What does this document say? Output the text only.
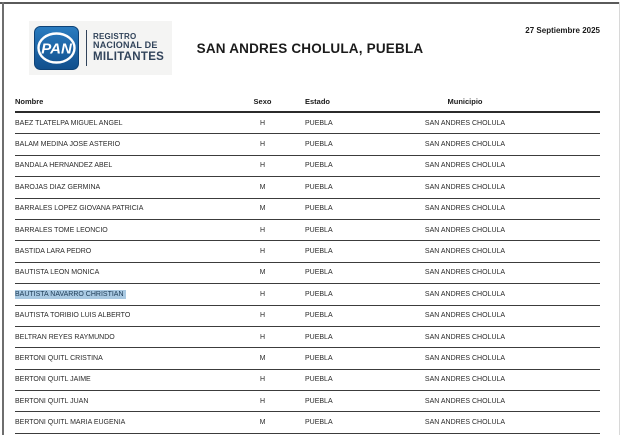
PAN
REGISTRO
NACIONAL DE
MILITANTES
SAN ANDRES CHOLULA, PUEBLA
27 Septiembre 2025
Nombre	Sexo	Estado	Municipio
BAEZ TLATELPA MIGUEL ANGEL	H	PUEBLA	SAN ANDRES CHOLULA
BALAM MEDINA JOSE ASTERIO	H	PUEBLA	SAN ANDRES CHOLULA
BANDALA HERNANDEZ ABEL	H	PUEBLA	SAN ANDRES CHOLULA
BAROJAS DIAZ GERMINA	M	PUEBLA	SAN ANDRES CHOLULA
BARRALES LOPEZ GIOVANA PATRICIA	M	PUEBLA	SAN ANDRES CHOLULA
BARRALES TOME LEONCIO	H	PUEBLA	SAN ANDRES CHOLULA
BASTIDA LARA PEDRO	H	PUEBLA	SAN ANDRES CHOLULA
BAUTISTA LEON MONICA	M	PUEBLA	SAN ANDRES CHOLULA
BAUTISTA NAVARRO CHRISTIAN	H	PUEBLA	SAN ANDRES CHOLULA
BAUTISTA TORIBIO LUIS ALBERTO	H	PUEBLA	SAN ANDRES CHOLULA
BELTRAN REYES RAYMUNDO	H	PUEBLA	SAN ANDRES CHOLULA
BERTONI QUITL CRISTINA	M	PUEBLA	SAN ANDRES CHOLULA
BERTONI QUITL JAIME	H	PUEBLA	SAN ANDRES CHOLULA
BERTONI QUITL JUAN	H	PUEBLA	SAN ANDRES CHOLULA
BERTONI QUITL MARIA EUGENIA	M	PUEBLA	SAN ANDRES CHOLULA
